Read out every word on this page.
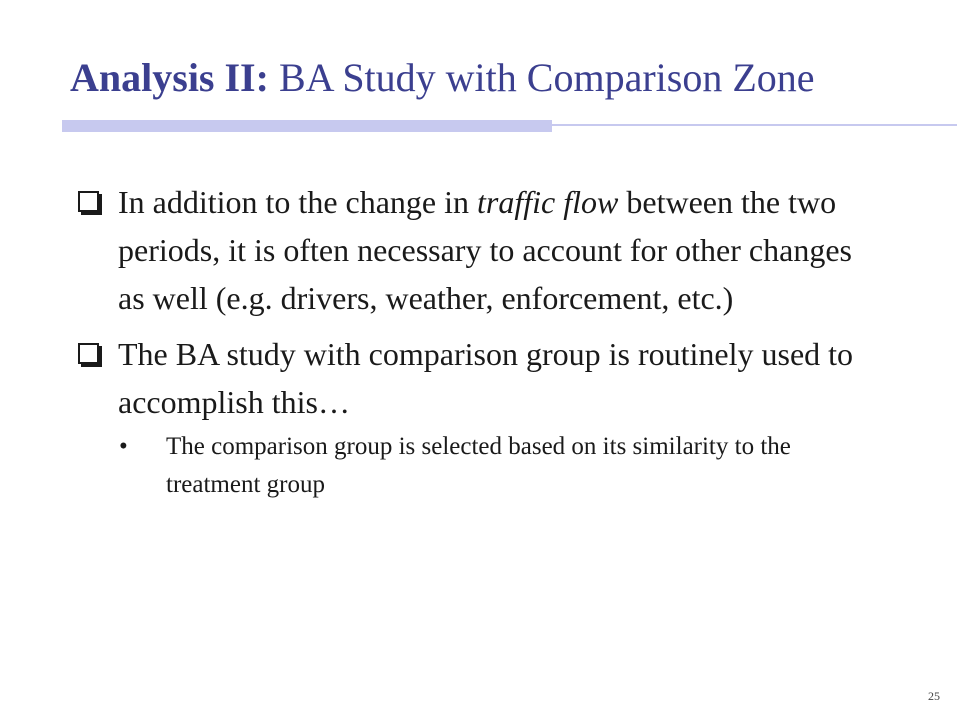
Analysis II: BA Study with Comparison Zone
In addition to the change in traffic flow between the two periods, it is often necessary to account for other changes as well (e.g. drivers, weather, enforcement, etc.)
The BA study with comparison group is routinely used to accomplish this…
• The comparison group is selected based on its similarity to the treatment group
25
